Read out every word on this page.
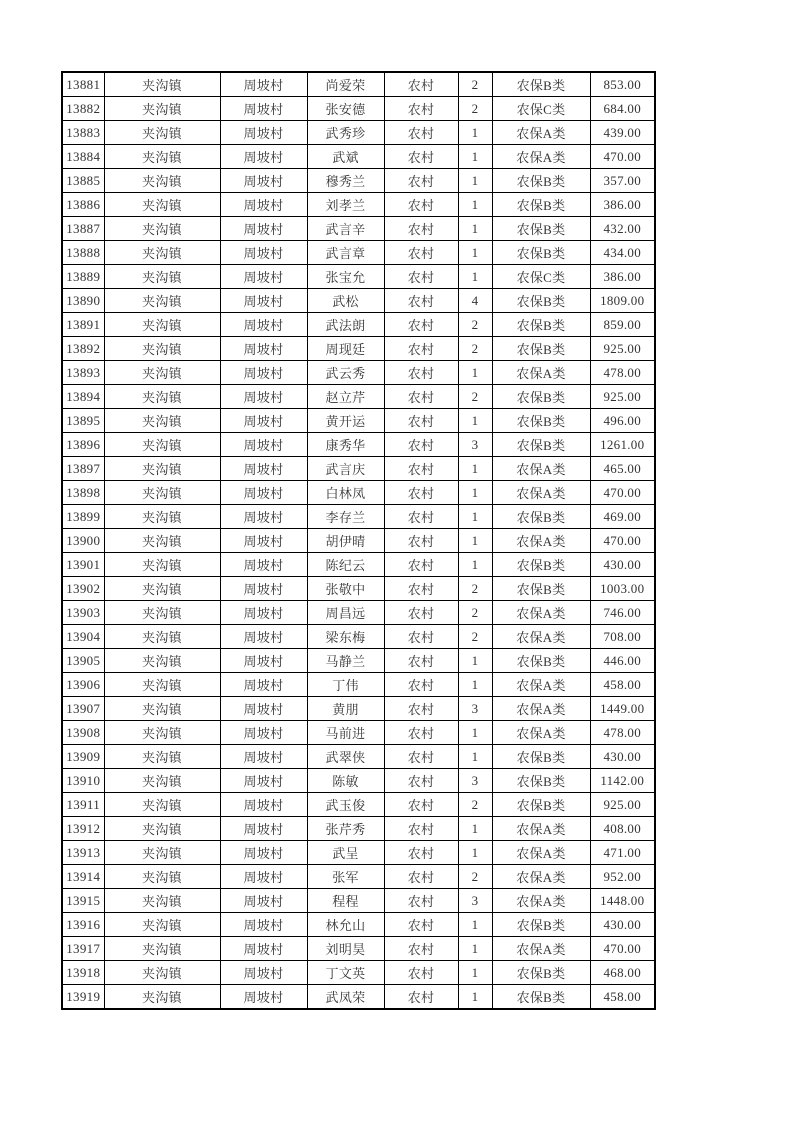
13881	夹沟镇	周坡村	尚爱荣	农村	2	农保B类	853.00
13882	夹沟镇	周坡村	张安德	农村	2	农保C类	684.00
13883	夹沟镇	周坡村	武秀珍	农村	1	农保A类	439.00
13884	夹沟镇	周坡村	武斌	农村	1	农保A类	470.00
13885	夹沟镇	周坡村	穆秀兰	农村	1	农保B类	357.00
13886	夹沟镇	周坡村	刘孝兰	农村	1	农保B类	386.00
13887	夹沟镇	周坡村	武言辛	农村	1	农保B类	432.00
13888	夹沟镇	周坡村	武言章	农村	1	农保B类	434.00
13889	夹沟镇	周坡村	张宝允	农村	1	农保C类	386.00
13890	夹沟镇	周坡村	武松	农村	4	农保B类	1809.00
13891	夹沟镇	周坡村	武法朗	农村	2	农保B类	859.00
13892	夹沟镇	周坡村	周现廷	农村	2	农保B类	925.00
13893	夹沟镇	周坡村	武云秀	农村	1	农保A类	478.00
13894	夹沟镇	周坡村	赵立芹	农村	2	农保B类	925.00
13895	夹沟镇	周坡村	黄开运	农村	1	农保B类	496.00
13896	夹沟镇	周坡村	康秀华	农村	3	农保B类	1261.00
13897	夹沟镇	周坡村	武言庆	农村	1	农保A类	465.00
13898	夹沟镇	周坡村	白林凤	农村	1	农保A类	470.00
13899	夹沟镇	周坡村	李存兰	农村	1	农保B类	469.00
13900	夹沟镇	周坡村	胡伊晴	农村	1	农保A类	470.00
13901	夹沟镇	周坡村	陈纪云	农村	1	农保B类	430.00
13902	夹沟镇	周坡村	张敬中	农村	2	农保B类	1003.00
13903	夹沟镇	周坡村	周昌远	农村	2	农保A类	746.00
13904	夹沟镇	周坡村	梁东梅	农村	2	农保A类	708.00
13905	夹沟镇	周坡村	马静兰	农村	1	农保B类	446.00
13906	夹沟镇	周坡村	丁伟	农村	1	农保A类	458.00
13907	夹沟镇	周坡村	黄朋	农村	3	农保A类	1449.00
13908	夹沟镇	周坡村	马前进	农村	1	农保A类	478.00
13909	夹沟镇	周坡村	武翠侠	农村	1	农保B类	430.00
13910	夹沟镇	周坡村	陈敏	农村	3	农保B类	1142.00
13911	夹沟镇	周坡村	武玉俊	农村	2	农保B类	925.00
13912	夹沟镇	周坡村	张芹秀	农村	1	农保A类	408.00
13913	夹沟镇	周坡村	武呈	农村	1	农保A类	471.00
13914	夹沟镇	周坡村	张军	农村	2	农保A类	952.00
13915	夹沟镇	周坡村	程程	农村	3	农保A类	1448.00
13916	夹沟镇	周坡村	林允山	农村	1	农保B类	430.00
13917	夹沟镇	周坡村	刘明昊	农村	1	农保A类	470.00
13918	夹沟镇	周坡村	丁文英	农村	1	农保B类	468.00
13919	夹沟镇	周坡村	武凤荣	农村	1	农保B类	458.00
